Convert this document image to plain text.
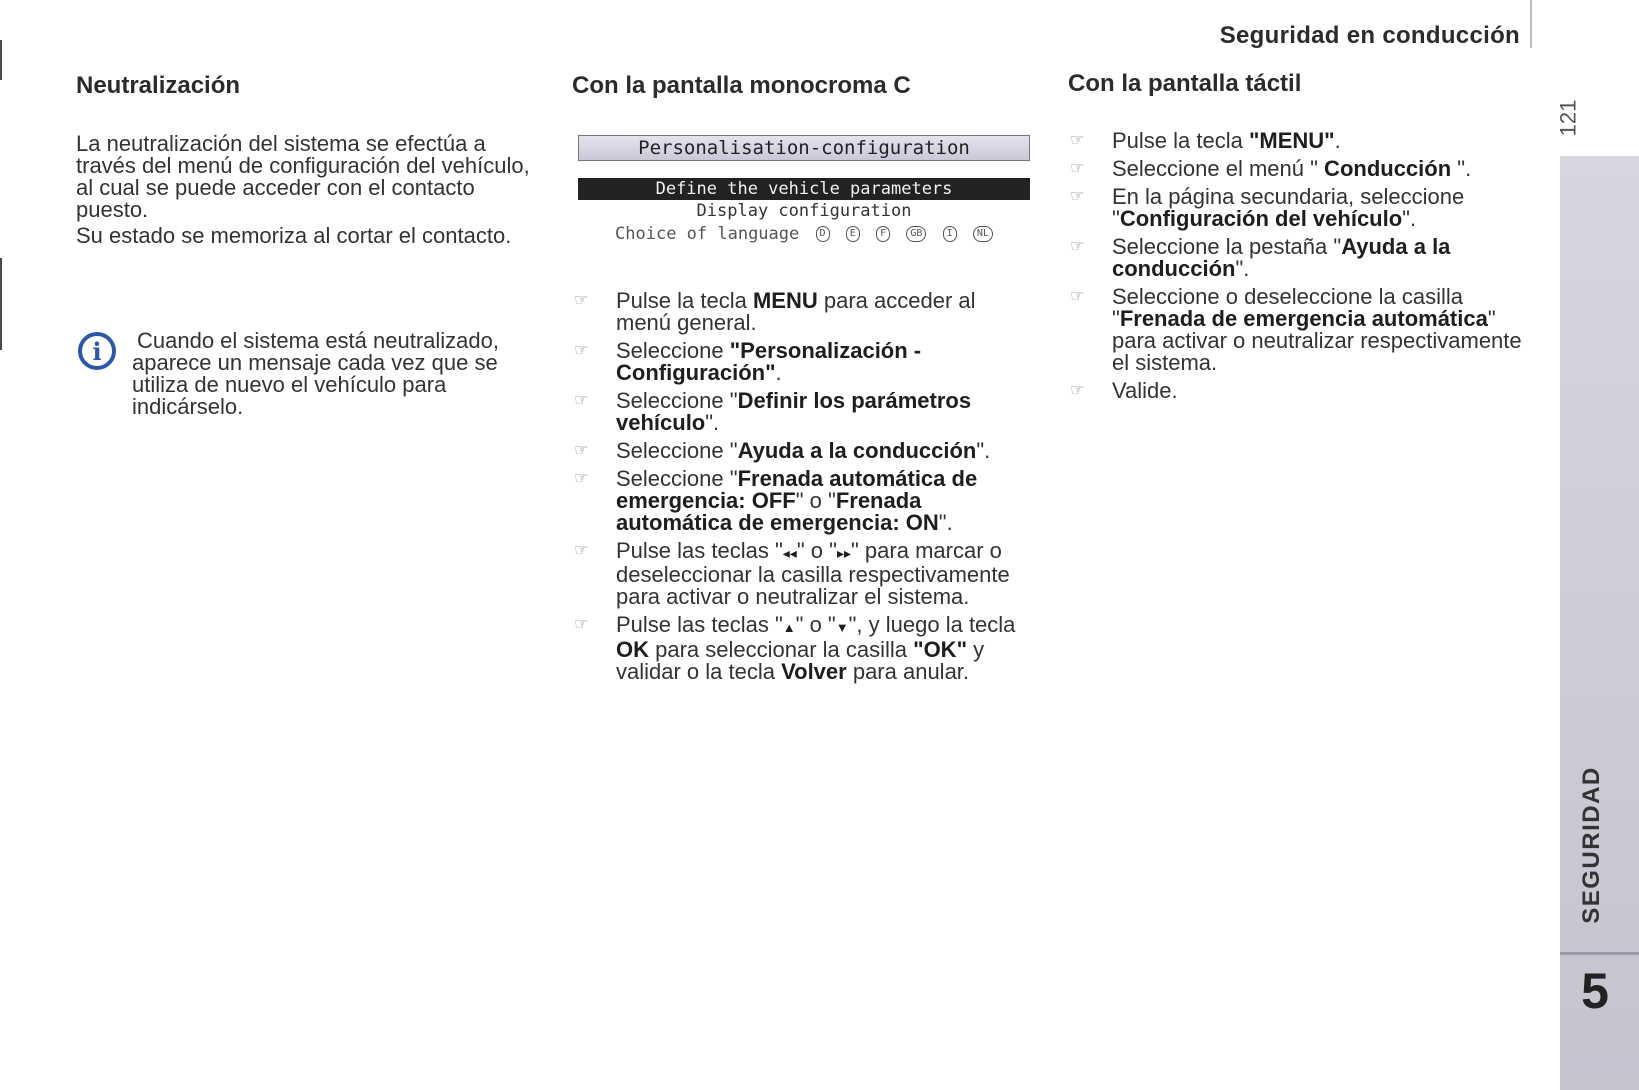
Seguridad en conducción
121
SEGURIDAD
5
Neutralización

La neutralización del sistema se efectúa a través del menú de configuración del vehículo, al cual se puede acceder con el contacto puesto.

Su estado se memoriza al cortar el contacto.

i	Cuando el sistema está neutralizado, aparece un mensaje cada vez que se utiliza de nuevo el vehículo para indicárselo.
Con la pantalla monocroma C
Personalisation-configuration
Define the vehicle parameters
Display configuration
Choice of language D E F GB I NL
☞ Pulse la tecla MENU para acceder al menú general.
☞ Seleccione "Personalización - Configuración".
☞ Seleccione "Definir los parámetros vehículo".
☞ Seleccione "Ayuda a la conducción".
☞ Seleccione "Frenada automática de emergencia: OFF" o "Frenada automática de emergencia: ON".
☞ Pulse las teclas "◂◂" o "▸▸" para marcar o deseleccionar la casilla respectivamente para activar o neutralizar el sistema.
☞ Pulse las teclas "▲" o "▼", y luego la tecla OK para seleccionar la casilla "OK" y validar o la tecla Volver para anular.
Con la pantalla táctil
☞ Pulse la tecla "MENU".
☞ Seleccione el menú " Conducción ".
☞ En la página secundaria, seleccione "Configuración del vehículo".
☞ Seleccione la pestaña "Ayuda a la conducción".
☞ Seleccione o deseleccione la casilla "Frenada de emergencia automática" para activar o neutralizar respectivamente el sistema.
☞ Valide.
